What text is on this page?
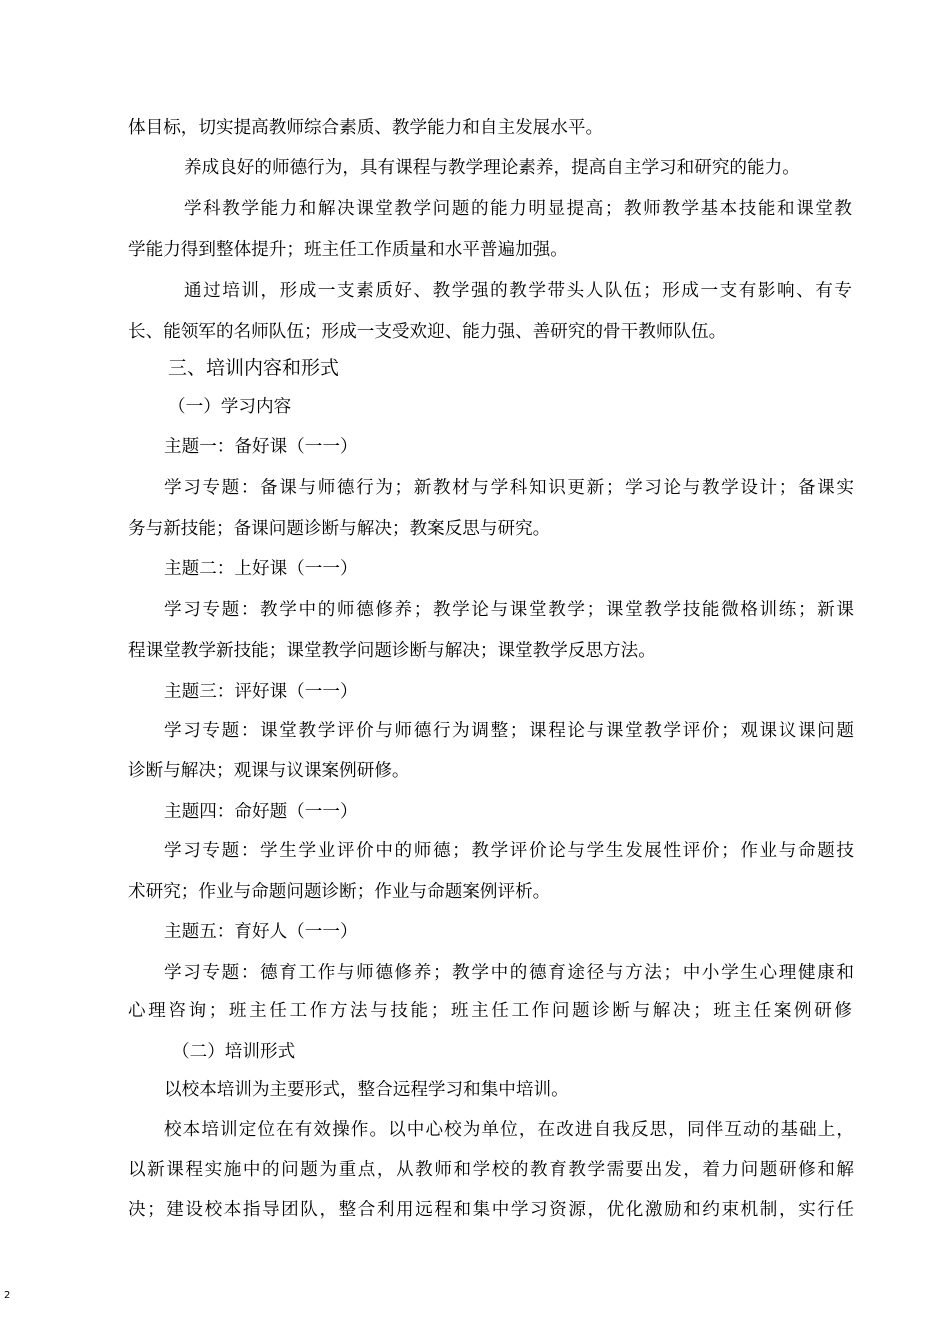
体目标，切实提高教师综合素质、教学能力和自主发展水平。
养成良好的师德行为，具有课程与教学理论素养，提高自主学习和研究的能力。
学科教学能力和解决课堂教学问题的能力明显提高；教师教学基本技能和课堂教
学能力得到整体提升；班主任工作质量和水平普遍加强。
通过培训，形成一支素质好、教学强的教学带头人队伍；形成一支有影响、有专
长、能领军的名师队伍；形成一支受欢迎、能力强、善研究的骨干教师队伍。
三、培训内容和形式
（一）学习内容
主题一：备好课（一一）
学习专题：备课与师德行为；新教材与学科知识更新；学习论与教学设计；备课实
务与新技能；备课问题诊断与解决；教案反思与研究。
主题二：上好课（一一）
学习专题：教学中的师德修养；教学论与课堂教学；课堂教学技能微格训练；新课
程课堂教学新技能；课堂教学问题诊断与解决；课堂教学反思方法。
主题三：评好课（一一）
学习专题：课堂教学评价与师德行为调整；课程论与课堂教学评价；观课议课问题
诊断与解决；观课与议课案例研修。
主题四：命好题（一一）
学习专题：学生学业评价中的师德；教学评价论与学生发展性评价；作业与命题技
术研究；作业与命题问题诊断；作业与命题案例评析。
主题五：育好人（一一）
学习专题：德育工作与师德修养；教学中的德育途径与方法；中小学生心理健康和
心理咨询；班主任工作方法与技能；班主任工作问题诊断与解决；班主任案例研修
（二）培训形式
以校本培训为主要形式，整合远程学习和集中培训。
校本培训定位在有效操作。以中心校为单位，在改进自我反思，同伴互动的基础上，
以新课程实施中的问题为重点，从教师和学校的教育教学需要出发，着力问题研修和解
决；建设校本指导团队，整合利用远程和集中学习资源，优化激励和约束机制，实行任
2
